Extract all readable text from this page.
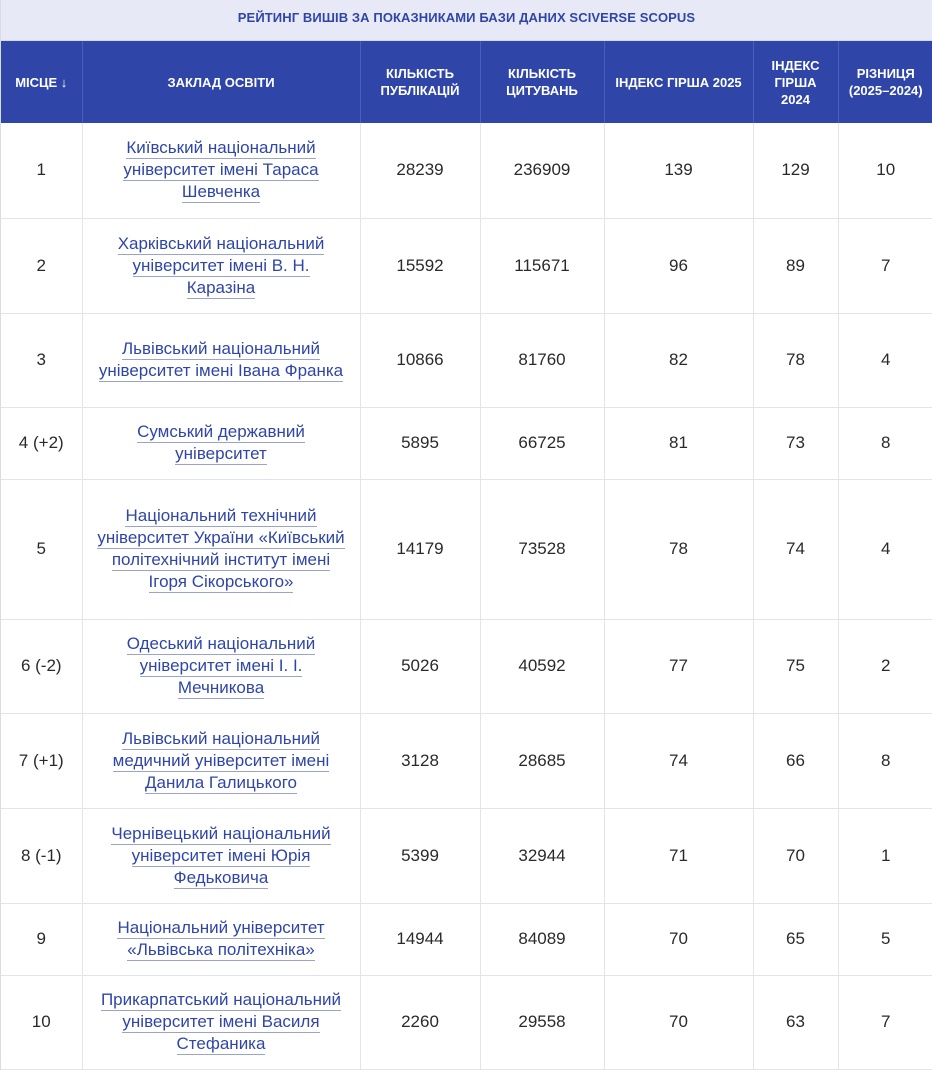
РЕЙТИНГ ВИШІВ ЗА ПОКАЗНИКАМИ БАЗИ ДАНИХ SCIVERSE SCOPUS
МІСЦЕ ↓	ЗАКЛАД ОСВІТИ	КІЛЬКІСТЬ ПУБЛІКАЦІЙ	КІЛЬКІСТЬ ЦИТУВАНЬ	ІНДЕКС ГІРША 2025	ІНДЕКС ГІРША 2024	РІЗНИЦЯ (2025–2024)
1	Київський національний університет імені Тараса Шевченка	28239	236909	139	129	10
2	Харківський національний університет імені В. Н. Каразіна	15592	115671	96	89	7
3	Львівський національний університет імені Івана Франка	10866	81760	82	78	4
4 (+2)	Сумський державний університет	5895	66725	81	73	8
5	Національний технічний університет України «Київський політехнічний інститут імені Ігоря Сікорського»	14179	73528	78	74	4
6 (-2)	Одеський національний університет імені І. І. Мечникова	5026	40592	77	75	2
7 (+1)	Львівський національний медичний університет імені Данила Галицького	3128	28685	74	66	8
8 (-1)	Чернівецький національний університет імені Юрія Федьковича	5399	32944	71	70	1
9	Національний університет «Львівська політехніка»	14944	84089	70	65	5
10	Прикарпатський національний університет імені Василя Стефаника	2260	29558	70	63	7
